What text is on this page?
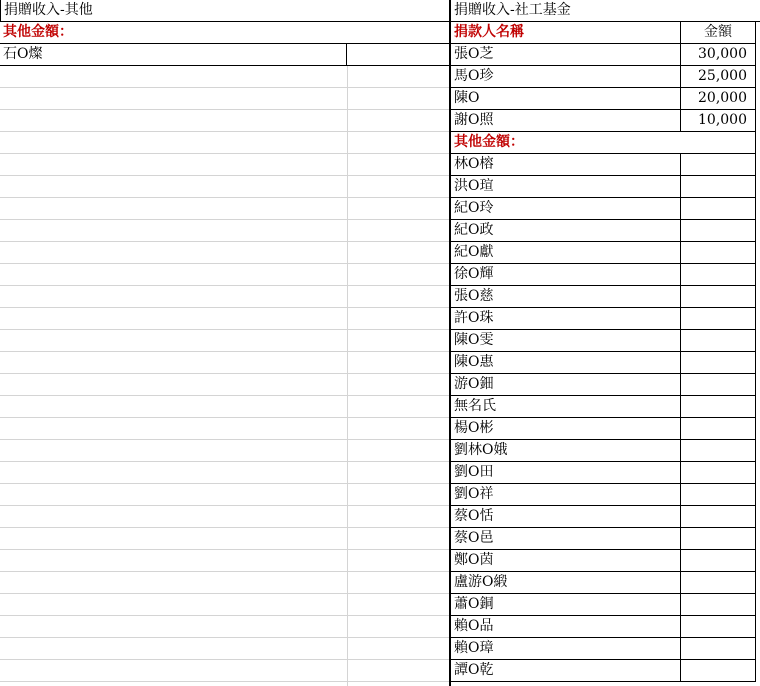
捐贈收入-其他
其他金額：
石O燦
捐贈收入-社工基金
捐款人名稱	金額
張O芝	30,000
馬O珍	25,000
陳O	20,000
謝O照	10,000
其他金額：
林O榕
洪O瑄
紀O玲
紀O政
紀O獻
徐O輝
張O慈
許O珠
陳O雯
陳O惠
游O鈿
無名氏
楊O彬
劉林O娥
劉O田
劉O祥
蔡O恬
蔡O邑
鄭O茵
盧游O緞
蕭O銅
賴O品
賴O璋
譚O乾
